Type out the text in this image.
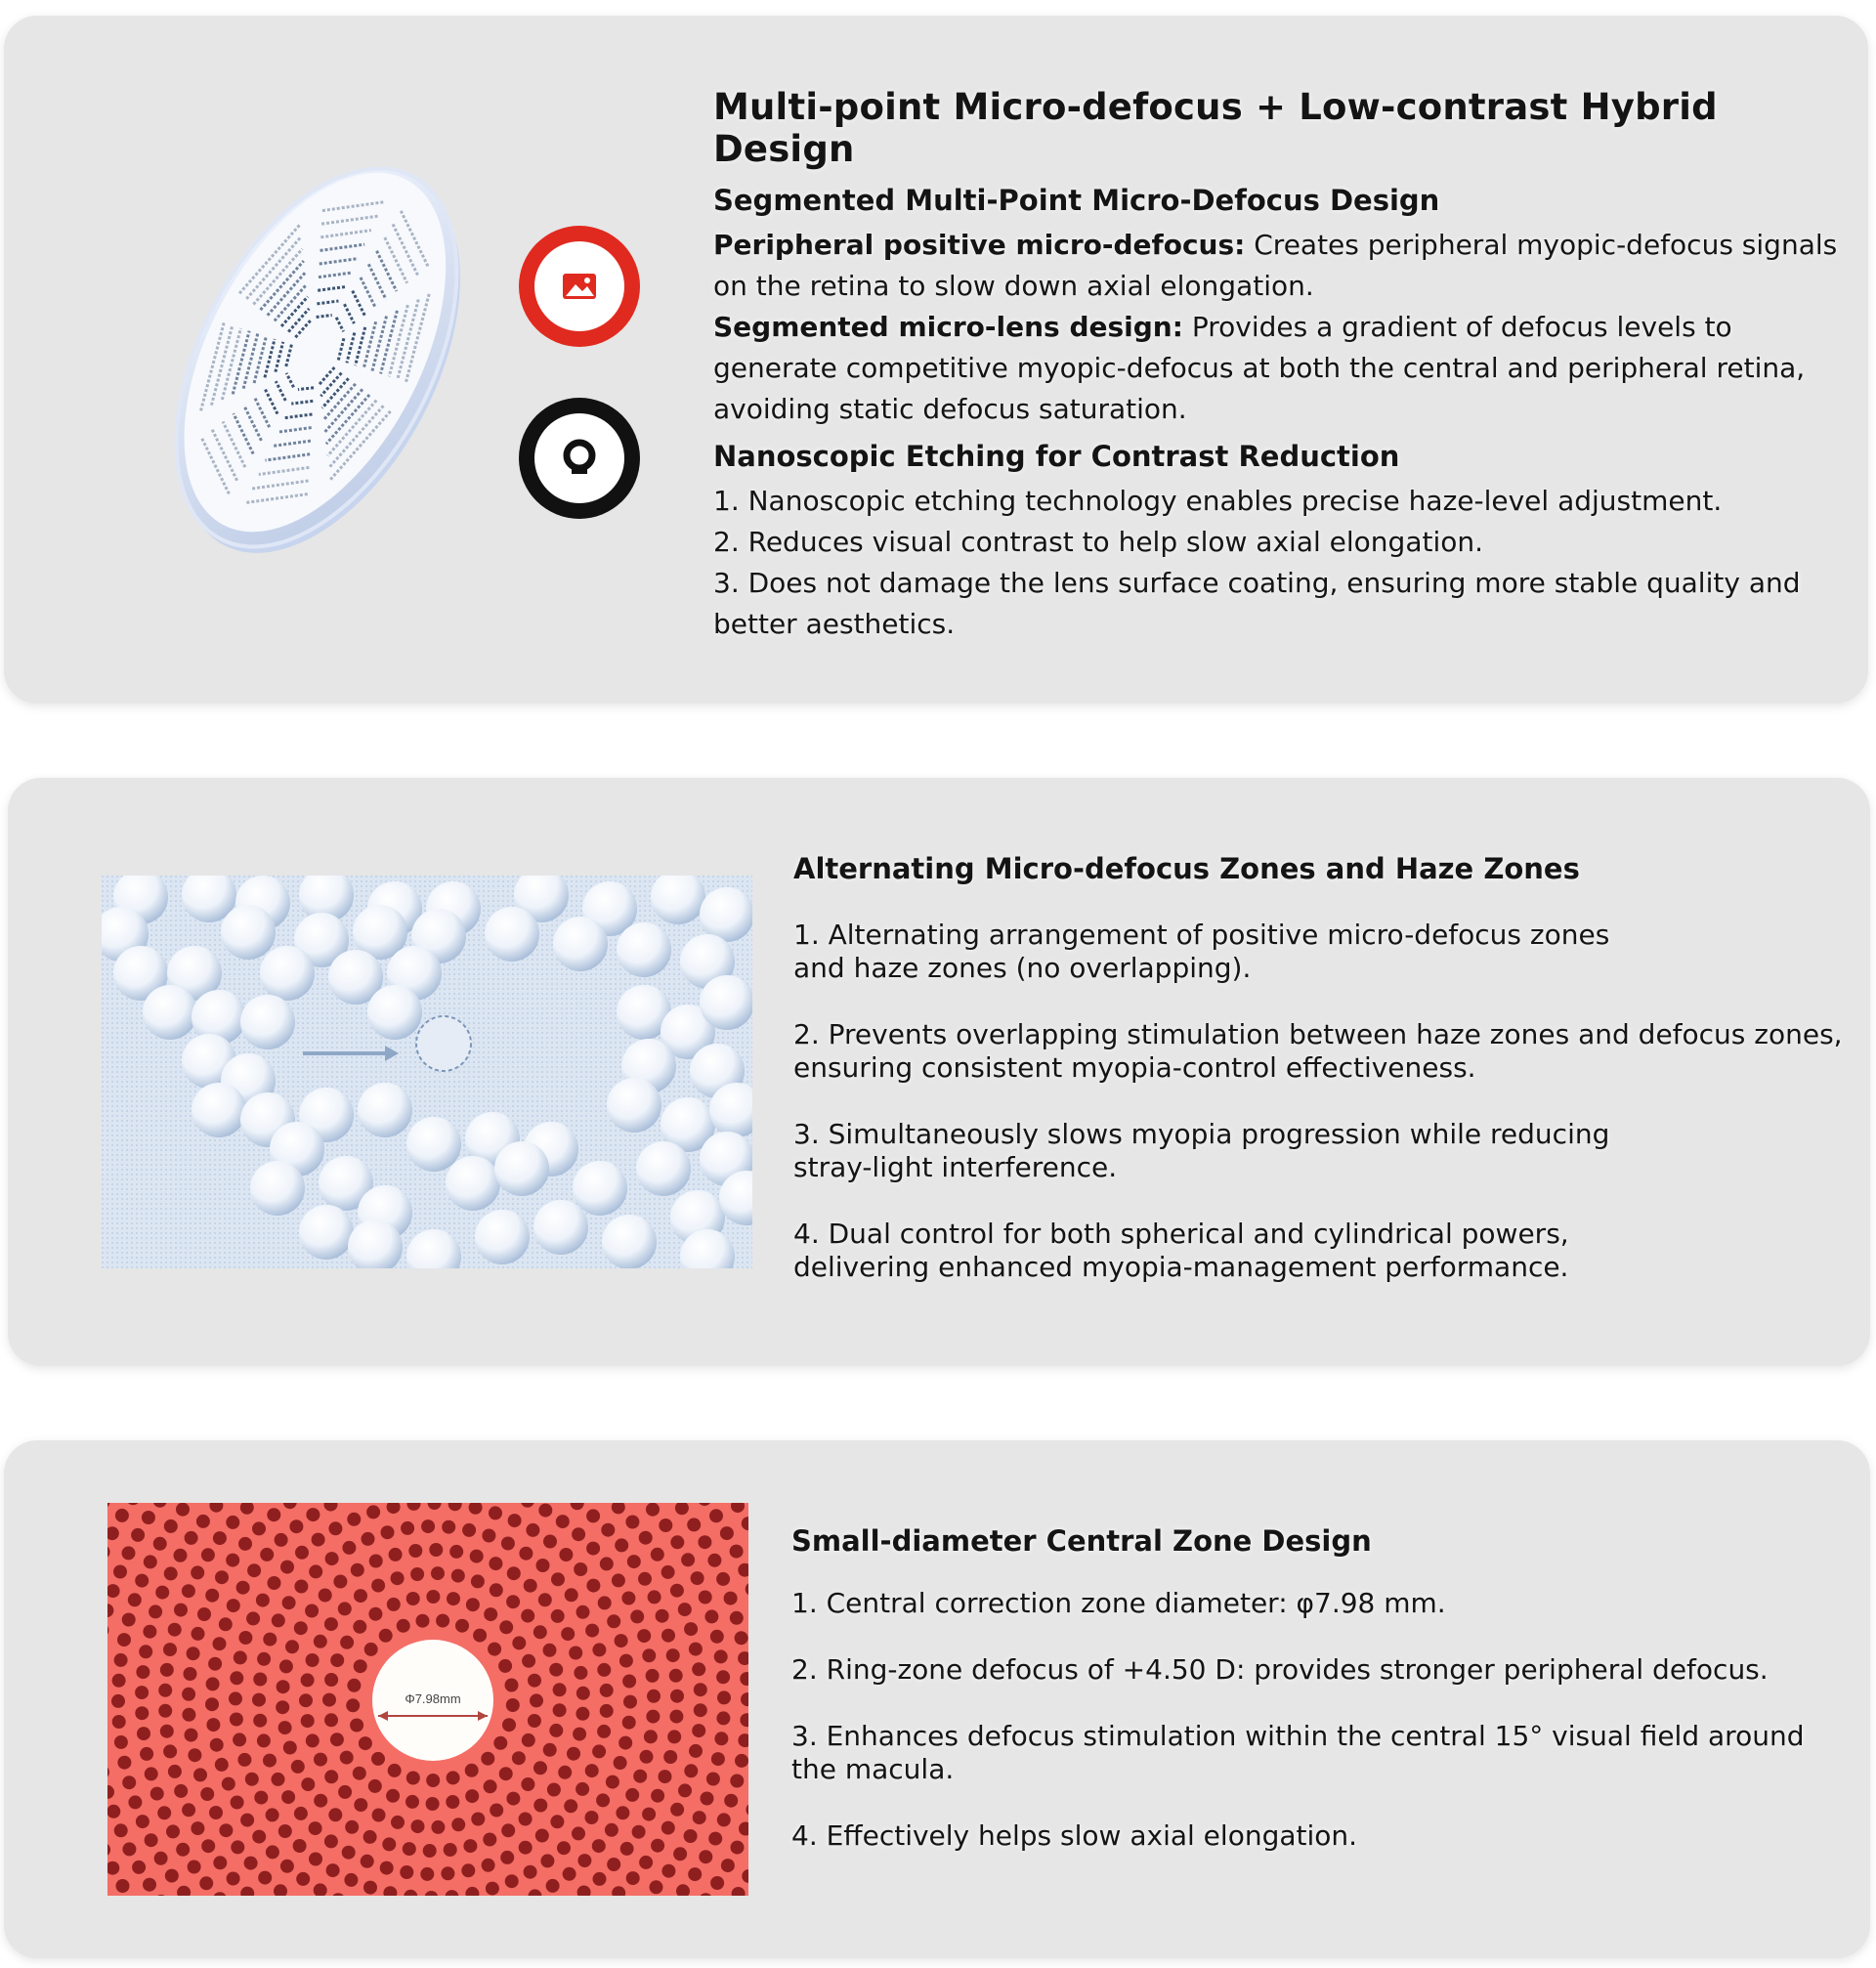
Multi-point Micro-defocus + Low-contrast Hybrid Design
Segmented Multi-Point Micro-Defocus Design

Peripheral positive micro-defocus: Creates peripheral myopic-defocus signals on the retina to slow down axial elongation.

Segmented micro-lens design: Provides a gradient of defocus levels to generate competitive myopic-defocus at both the central and peripheral retina, avoiding static defocus saturation.

Nanoscopic Etching for Contrast Reduction

1. Nanoscopic etching technology enables precise haze-level adjustment.

2. Reduces visual contrast to help slow axial elongation.

3. Does not damage the lens surface coating, ensuring more stable quality and better aesthetics.

Alternating Micro-defocus Zones and Haze Zones

1. Alternating arrangement of positive micro-defocus zones and haze zones (no overlapping).

2. Prevents overlapping stimulation between haze zones and defocus zones, ensuring consistent myopia-control effectiveness.

3. Simultaneously slows myopia progression while reducing stray-light interference.

4. Dual control for both spherical and cylindrical powers, delivering enhanced myopia-management performance.

Φ7.98mm
Small-diameter Central Zone Design

1. Central correction zone diameter: φ7.98 mm.

2. Ring-zone defocus of +4.50 D: provides stronger peripheral defocus.

3. Enhances defocus stimulation within the central 15° visual field around the macula.

4. Effectively helps slow axial elongation.
